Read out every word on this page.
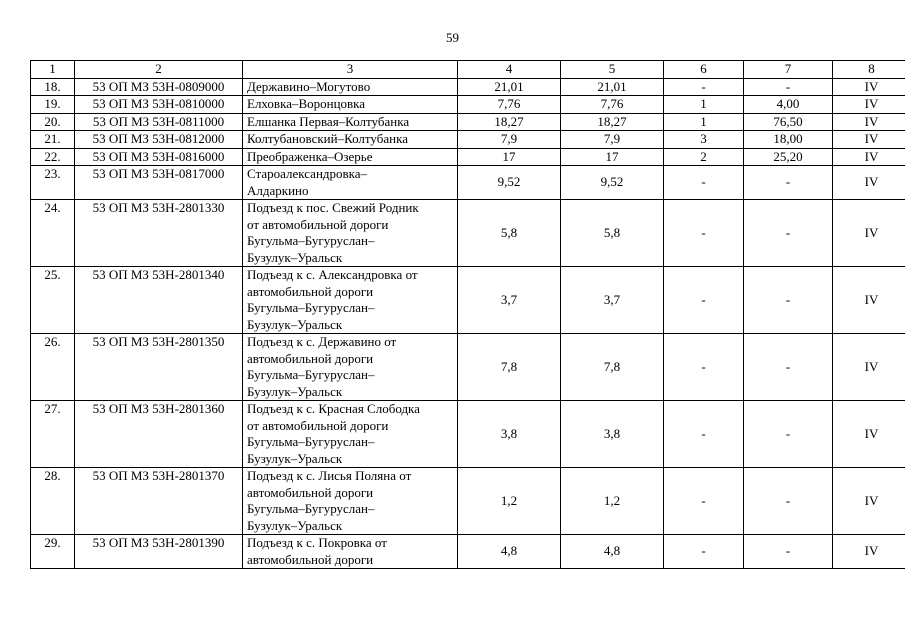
59
1	2	3	4	5	6	7	8
18.	53 ОП МЗ 53Н-0809000	Державино–Могутово	21,01	21,01	-	-	IV
19.	53 ОП МЗ 53Н-0810000	Елховка–Воронцовка	7,76	7,76	1	4,00	IV
20.	53 ОП МЗ 53Н-0811000	Елшанка Первая–Колтубанка	18,27	18,27	1	76,50	IV
21.	53 ОП МЗ 53Н-0812000	Колтубановский–Колтубанка	7,9	7,9	3	18,00	IV
22.	53 ОП МЗ 53Н-0816000	Преображенка–Озерье	17	17	2	25,20	IV
23.	53 ОП МЗ 53Н-0817000	Староалександровка–
Алдаркино	9,52	9,52	-	-	IV
24.	53 ОП МЗ 53Н-2801330	Подъезд к пос. Свежий Родник
от автомобильной дороги
Бугульма–Бугуруслан–
Бузулук–Уральск	5,8	5,8	-	-	IV
25.	53 ОП МЗ 53Н-2801340	Подъезд к с. Александровка от
автомобильной дороги
Бугульма–Бугуруслан–
Бузулук–Уральск	3,7	3,7	-	-	IV
26.	53 ОП МЗ 53Н-2801350	Подъезд к с. Державино от
автомобильной дороги
Бугульма–Бугуруслан–
Бузулук–Уральск	7,8	7,8	-	-	IV
27.	53 ОП МЗ 53Н-2801360	Подъезд к с. Красная Слободка
от автомобильной дороги
Бугульма–Бугуруслан–
Бузулук–Уральск	3,8	3,8	-	-	IV
28.	53 ОП МЗ 53Н-2801370	Подъезд к с. Лисья Поляна от
автомобильной дороги
Бугульма–Бугуруслан–
Бузулук–Уральск	1,2	1,2	-	-	IV
29.	53 ОП МЗ 53Н-2801390	Подъезд к с. Покровка от
автомобильной дороги	4,8	4,8	-	-	IV
